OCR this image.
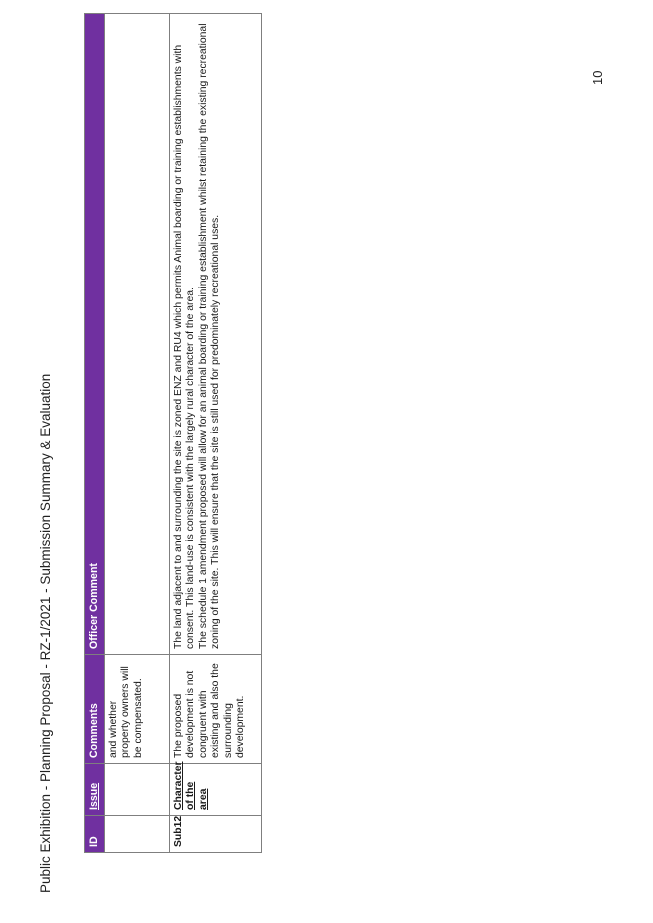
Public Exhibition - Planning Proposal - RZ-1/2021 - Submission Summary & Evaluation	ID	Issue	Comments	Officer Comment
		and whether property owners will be compensated.	
Sub12	Character of the area	The proposed development is not congruent with existing and also the surrounding development.	The land adjacent to and surrounding the site is zoned ENZ and RU4 which permits Animal boarding or training establishments with consent. This land-use is consistent with the largely rural character of the area. The schedule 1 amendment proposed will allow for an animal boarding or training establishment whilst retaining the existing recreational zoning of the site. This will ensure that the site is still used for predominately recreational uses.
10
